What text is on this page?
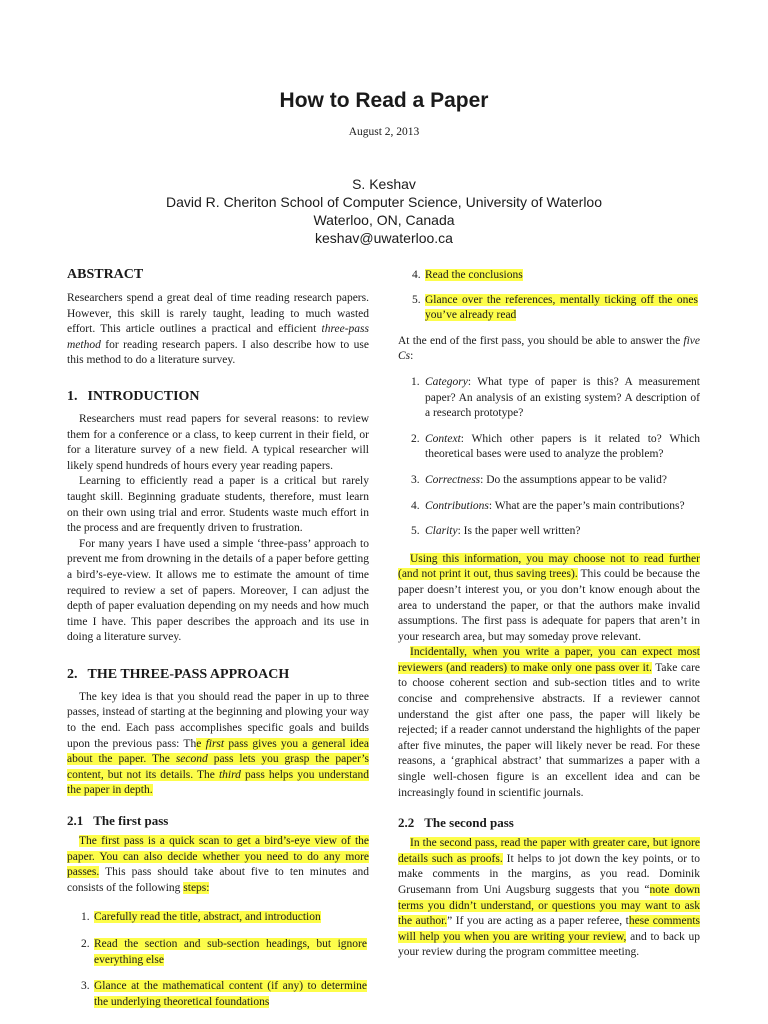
How to Read a Paper
August 2, 2013
S. Keshav
David R. Cheriton School of Computer Science, University of Waterloo
Waterloo, ON, Canada
keshav@uwaterloo.ca
ABSTRACT

Researchers spend a great deal of time reading research papers. However, this skill is rarely taught, leading to much wasted effort. This article outlines a practical and efficient three-pass method for reading research papers. I also describe how to use this method to do a literature survey.

1. INTRODUCTION

Researchers must read papers for several reasons: to review them for a conference or a class, to keep current in their field, or for a literature survey of a new field. A typical researcher will likely spend hundreds of hours every year reading papers.

Learning to efficiently read a paper is a critical but rarely taught skill. Beginning graduate students, therefore, must learn on their own using trial and error. Students waste much effort in the process and are frequently driven to frustration.

For many years I have used a simple ‘three-pass’ approach to prevent me from drowning in the details of a paper before getting a bird’s-eye-view. It allows me to estimate the amount of time required to review a set of papers. Moreover, I can adjust the depth of paper evaluation depending on my needs and how much time I have. This paper describes the approach and its use in doing a literature survey.

2. THE THREE-PASS APPROACH

The key idea is that you should read the paper in up to three passes, instead of starting at the beginning and plowing your way to the end. Each pass accomplishes specific goals and builds upon the previous pass: The first pass gives you a general idea about the paper. The second pass lets you grasp the paper’s content, but not its details. The third pass helps you understand the paper in depth.

2.1 The first pass

The first pass is a quick scan to get a bird’s-eye view of the paper. You can also decide whether you need to do any more passes. This pass should take about five to ten minutes and consists of the following steps:

1. Carefully read the title, abstract, and introduction
2. Read the section and sub-section headings, but ignore everything else
3. Glance at the mathematical content (if any) to determine the underlying theoretical foundations
4. Read the conclusions
5. Glance over the references, mentally ticking off the ones you’ve already read

At the end of the first pass, you should be able to answer the five Cs:

1. Category: What type of paper is this? A measurement paper? An analysis of an existing system? A description of a research prototype?
2. Context: Which other papers is it related to? Which theoretical bases were used to analyze the problem?
3. Correctness: Do the assumptions appear to be valid?
4. Contributions: What are the paper’s main contributions?
5. Clarity: Is the paper well written?

Using this information, you may choose not to read further (and not print it out, thus saving trees). This could be because the paper doesn’t interest you, or you don’t know enough about the area to understand the paper, or that the authors make invalid assumptions. The first pass is adequate for papers that aren’t in your research area, but may someday prove relevant.

Incidentally, when you write a paper, you can expect most reviewers (and readers) to make only one pass over it. Take care to choose coherent section and sub-section titles and to write concise and comprehensive abstracts. If a reviewer cannot understand the gist after one pass, the paper will likely be rejected; if a reader cannot understand the highlights of the paper after five minutes, the paper will likely never be read. For these reasons, a ‘graphical abstract’ that summarizes a paper with a single well-chosen figure is an excellent idea and can be increasingly found in scientific journals.

2.2 The second pass

In the second pass, read the paper with greater care, but ignore details such as proofs. It helps to jot down the key points, or to make comments in the margins, as you read. Dominik Grusemann from Uni Augsburg suggests that you “note down terms you didn’t understand, or questions you may want to ask the author.” If you are acting as a paper referee, these comments will help you when you are writing your review, and to back up your review during the program committee meeting.
